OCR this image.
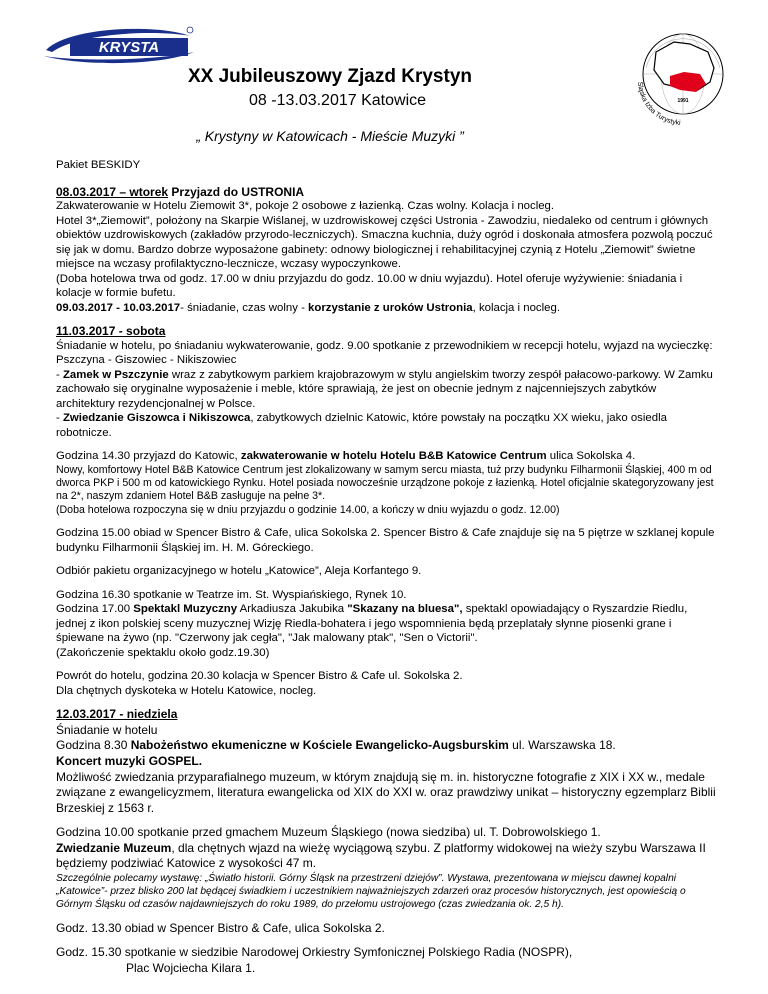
KRYSTA
1991
Śląska Izba Turystyki
XX Jubileuszowy Zjazd Krystyn
08 -13.03.2017 Katowice
„ Krystyny w Katowicach - Mieście Muzyki ”

Pakiet BESKIDY

08.03.2017 – wtorek Przyjazd do USTRONIA

Zakwaterowanie w Hotelu Ziemowit 3*, pokoje 2 osobowe z łazienką. Czas wolny. Kolacja i nocleg.

Hotel 3*„Ziemowit”, położony na Skarpie Wiślanej, w uzdrowiskowej części Ustronia - Zawodziu, niedaleko od centrum i głównych obiektów uzdrowiskowych (zakładów przyrodo-leczniczych). Smaczna kuchnia, duży ogród i doskonała atmosfera pozwolą poczuć się jak w domu. Bardzo dobrze wyposażone gabinety: odnowy biologicznej i rehabilitacyjnej czynią z Hotelu „Ziemowit” świetne miejsce na wczasy profilaktyczno-lecznicze, wczasy wypoczynkowe.

(Doba hotelowa trwa od godz. 17.00 w dniu przyjazdu do godz. 10.00 w dniu wyjazdu). Hotel oferuje wyżywienie: śniadania i kolacje w formie bufetu.

09.03.2017 - 10.03.2017- śniadanie, czas wolny - korzystanie z uroków Ustronia, kolacja i nocleg.

11.03.2017 - sobota

Śniadanie w hotelu, po śniadaniu wykwaterowanie, godz. 9.00 spotkanie z przewodnikiem w recepcji hotelu, wyjazd na wycieczkę: Pszczyna - Giszowiec - Nikiszowiec

- Zamek w Pszczynie wraz z zabytkowym parkiem krajobrazowym w stylu angielskim tworzy zespół pałacowo-parkowy. W Zamku zachowało się oryginalne wyposażenie i meble, które sprawiają, że jest on obecnie jednym z najcenniejszych zabytków architektury rezydencjonalnej w Polsce.

- Zwiedzanie Giszowca i Nikiszowca, zabytkowych dzielnic Katowic, które powstały na początku XX wieku, jako osiedla robotnicze.

Godzina 14.30 przyjazd do Katowic, zakwaterowanie w hotelu Hotelu B&B Katowice Centrum ulica Sokolska 4.

Nowy, komfortowy Hotel B&B Katowice Centrum jest zlokalizowany w samym sercu miasta, tuż przy budynku Filharmonii Śląskiej, 400 m od dworca PKP i 500 m od katowickiego Rynku. Hotel posiada nowocześnie urządzone pokoje z łazienką. Hotel oficjalnie skategoryzowany jest na 2*, naszym zdaniem Hotel B&B zasługuje na pełne 3*.

(Doba hotelowa rozpoczyna się w dniu przyjazdu o godzinie 14.00, a kończy w dniu wyjazdu o godz. 12.00)

Godzina 15.00 obiad w Spencer Bistro & Cafe, ulica Sokolska 2. Spencer Bistro & Cafe znajduje się na 5 piętrze w szklanej kopule budynku Filharmonii Śląskiej im. H. M. Góreckiego.

Odbiór pakietu organizacyjnego w hotelu „Katowice”, Aleja Korfantego 9.

Godzina 16.30 spotkanie w Teatrze im. St. Wyspiańskiego, Rynek 10.

Godzina 17.00 Spektakl Muzyczny Arkadiusza Jakubika "Skazany na bluesa", spektakl opowiadający o Ryszardzie Riedlu, jednej z ikon polskiej sceny muzycznej Wizję Riedla-bohatera i jego wspomnienia będą przeplatały słynne piosenki grane i śpiewane na żywo (np. "Czerwony jak cegła", "Jak malowany ptak", "Sen o Victorii".

(Zakończenie spektaklu około godz.19.30)

Powrót do hotelu, godzina 20.30 kolacja w Spencer Bistro & Cafe ul. Sokolska 2.

Dla chętnych dyskoteka w Hotelu Katowice, nocleg.

12.03.2017 - niedziela

Śniadanie w hotelu

Godzina 8.30 Nabożeństwo ekumeniczne w Kościele Ewangelicko-Augsburskim ul. Warszawska 18.

Koncert muzyki GOSPEL.

Możliwość zwiedzania przyparafialnego muzeum, w którym znajdują się m. in. historyczne fotografie z XIX i XX w., medale związane z ewangelicyzmem, literatura ewangelicka od XIX do XXI w. oraz prawdziwy unikat – historyczny egzemplarz Biblii Brzeskiej z 1563 r.

Godzina 10.00 spotkanie przed gmachem Muzeum Śląskiego (nowa siedziba) ul. T. Dobrowolskiego 1.

Zwiedzanie Muzeum, dla chętnych wjazd na wieżę wyciągową szybu. Z platformy widokowej na wieży szybu Warszawa II będziemy podziwiać Katowice z wysokości 47 m.

Szczególnie polecamy wystawę: „Światło historii. Górny Śląsk na przestrzeni dziejów”. Wystawa, prezentowana w miejscu dawnej kopalni „Katowice”- przez blisko 200 lat będącej świadkiem i uczestnikiem najważniejszych zdarzeń oraz procesów historycznych, jest opowieścią o Górnym Śląsku od czasów najdawniejszych do roku 1989, do przełomu ustrojowego (czas zwiedzania ok. 2,5 h).

Godz. 13.30 obiad w Spencer Bistro & Cafe, ulica Sokolska 2.

Godz. 15.30 spotkanie w siedzibie Narodowej Orkiestry Symfonicznej Polskiego Radia (NOSPR),

Plac Wojciecha Kilara 1.
